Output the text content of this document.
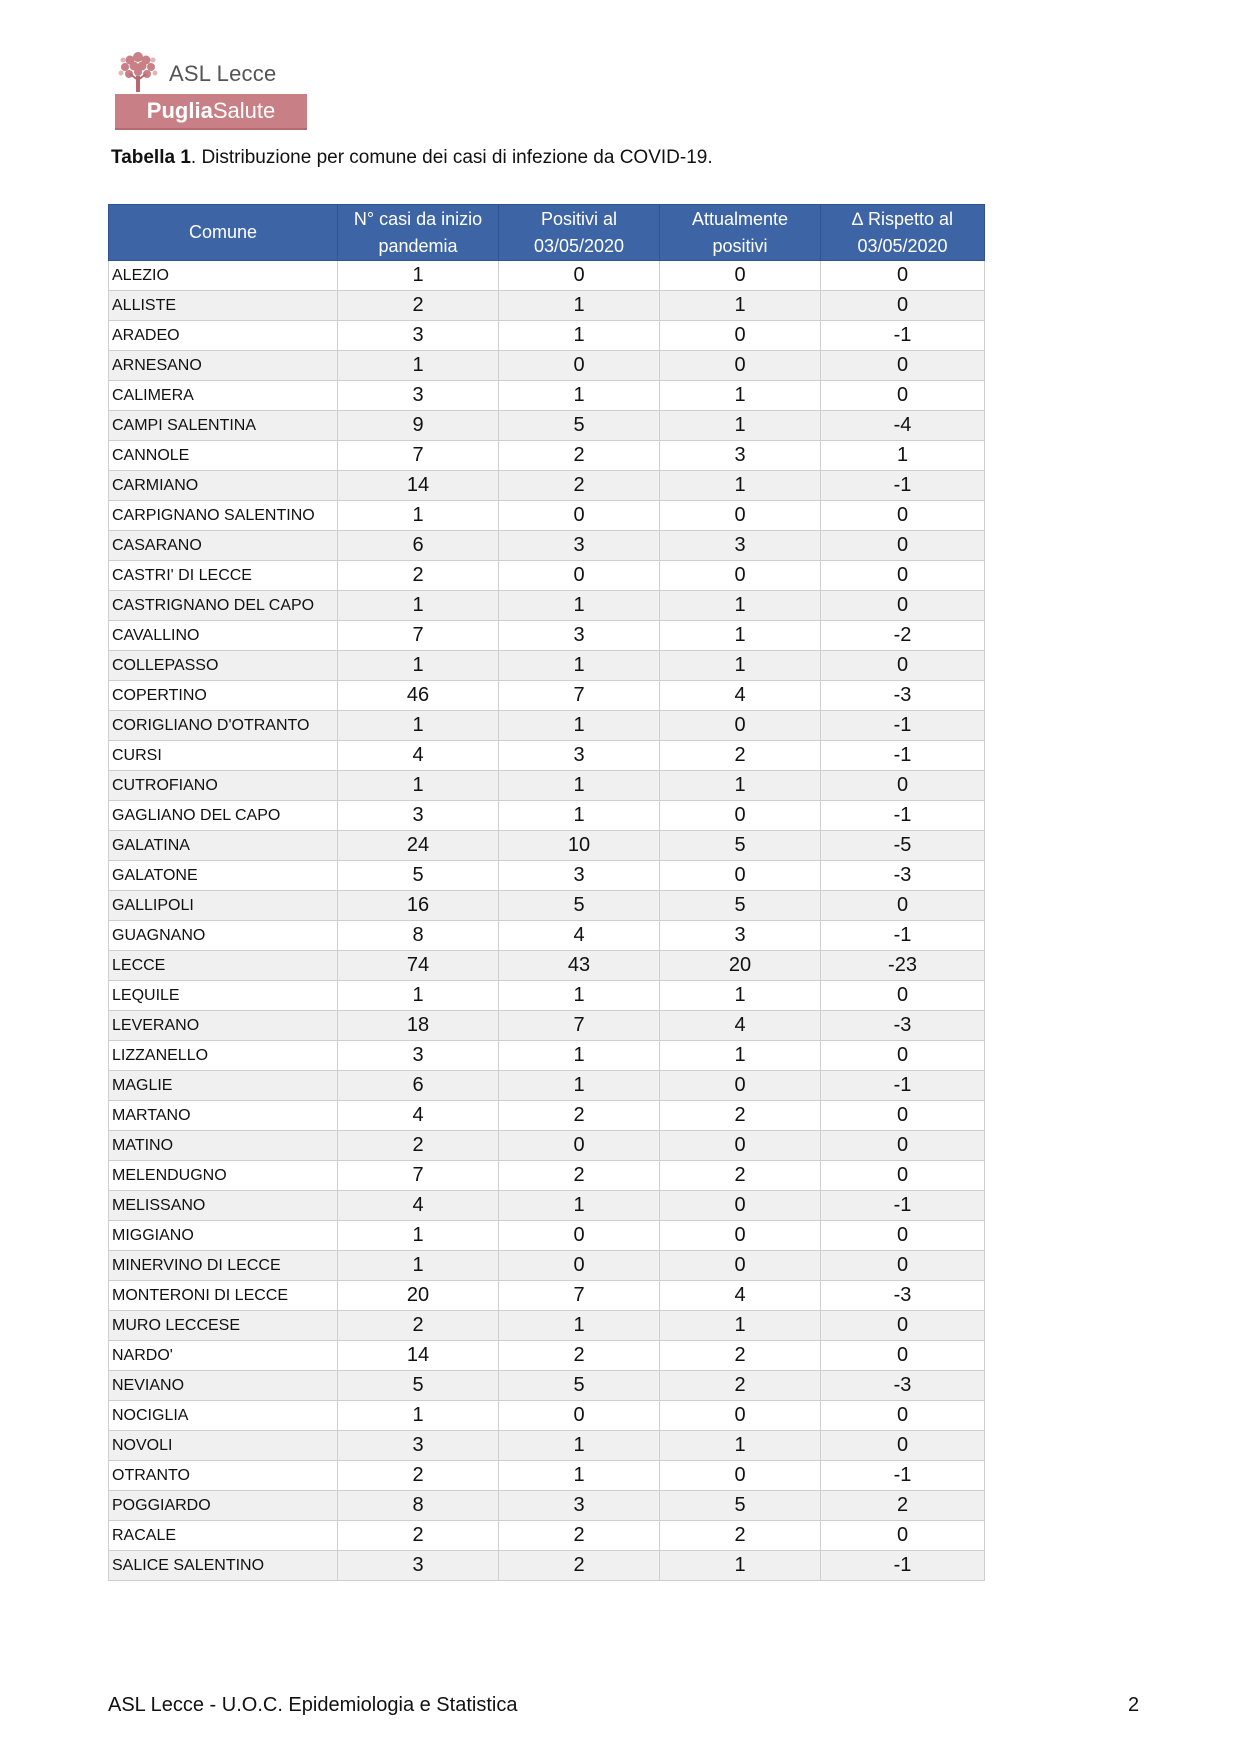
ASL Lecce
PugliaSalute
Tabella 1. Distribuzione per comune dei casi di infezione da COVID-19.
Comune	N° casi da inizio pandemia	Positivi al 03/05/2020	Attualmente positivi	∆ Rispetto al 03/05/2020
ALEZIO	1	0	0	0
ALLISTE	2	1	1	0
ARADEO	3	1	0	-1
ARNESANO	1	0	0	0
CALIMERA	3	1	1	0
CAMPI SALENTINA	9	5	1	-4
CANNOLE	7	2	3	1
CARMIANO	14	2	1	-1
CARPIGNANO SALENTINO	1	0	0	0
CASARANO	6	3	3	0
CASTRI' DI LECCE	2	0	0	0
CASTRIGNANO DEL CAPO	1	1	1	0
CAVALLINO	7	3	1	-2
COLLEPASSO	1	1	1	0
COPERTINO	46	7	4	-3
CORIGLIANO D'OTRANTO	1	1	0	-1
CURSI	4	3	2	-1
CUTROFIANO	1	1	1	0
GAGLIANO DEL CAPO	3	1	0	-1
GALATINA	24	10	5	-5
GALATONE	5	3	0	-3
GALLIPOLI	16	5	5	0
GUAGNANO	8	4	3	-1
LECCE	74	43	20	-23
LEQUILE	1	1	1	0
LEVERANO	18	7	4	-3
LIZZANELLO	3	1	1	0
MAGLIE	6	1	0	-1
MARTANO	4	2	2	0
MATINO	2	0	0	0
MELENDUGNO	7	2	2	0
MELISSANO	4	1	0	-1
MIGGIANO	1	0	0	0
MINERVINO DI LECCE	1	0	0	0
MONTERONI DI LECCE	20	7	4	-3
MURO LECCESE	2	1	1	0
NARDO'	14	2	2	0
NEVIANO	5	5	2	-3
NOCIGLIA	1	0	0	0
NOVOLI	3	1	1	0
OTRANTO	2	1	0	-1
POGGIARDO	8	3	5	2
RACALE	2	2	2	0
SALICE SALENTINO	3	2	1	-1
ASL Lecce - U.O.C. Epidemiologia e Statistica	2
